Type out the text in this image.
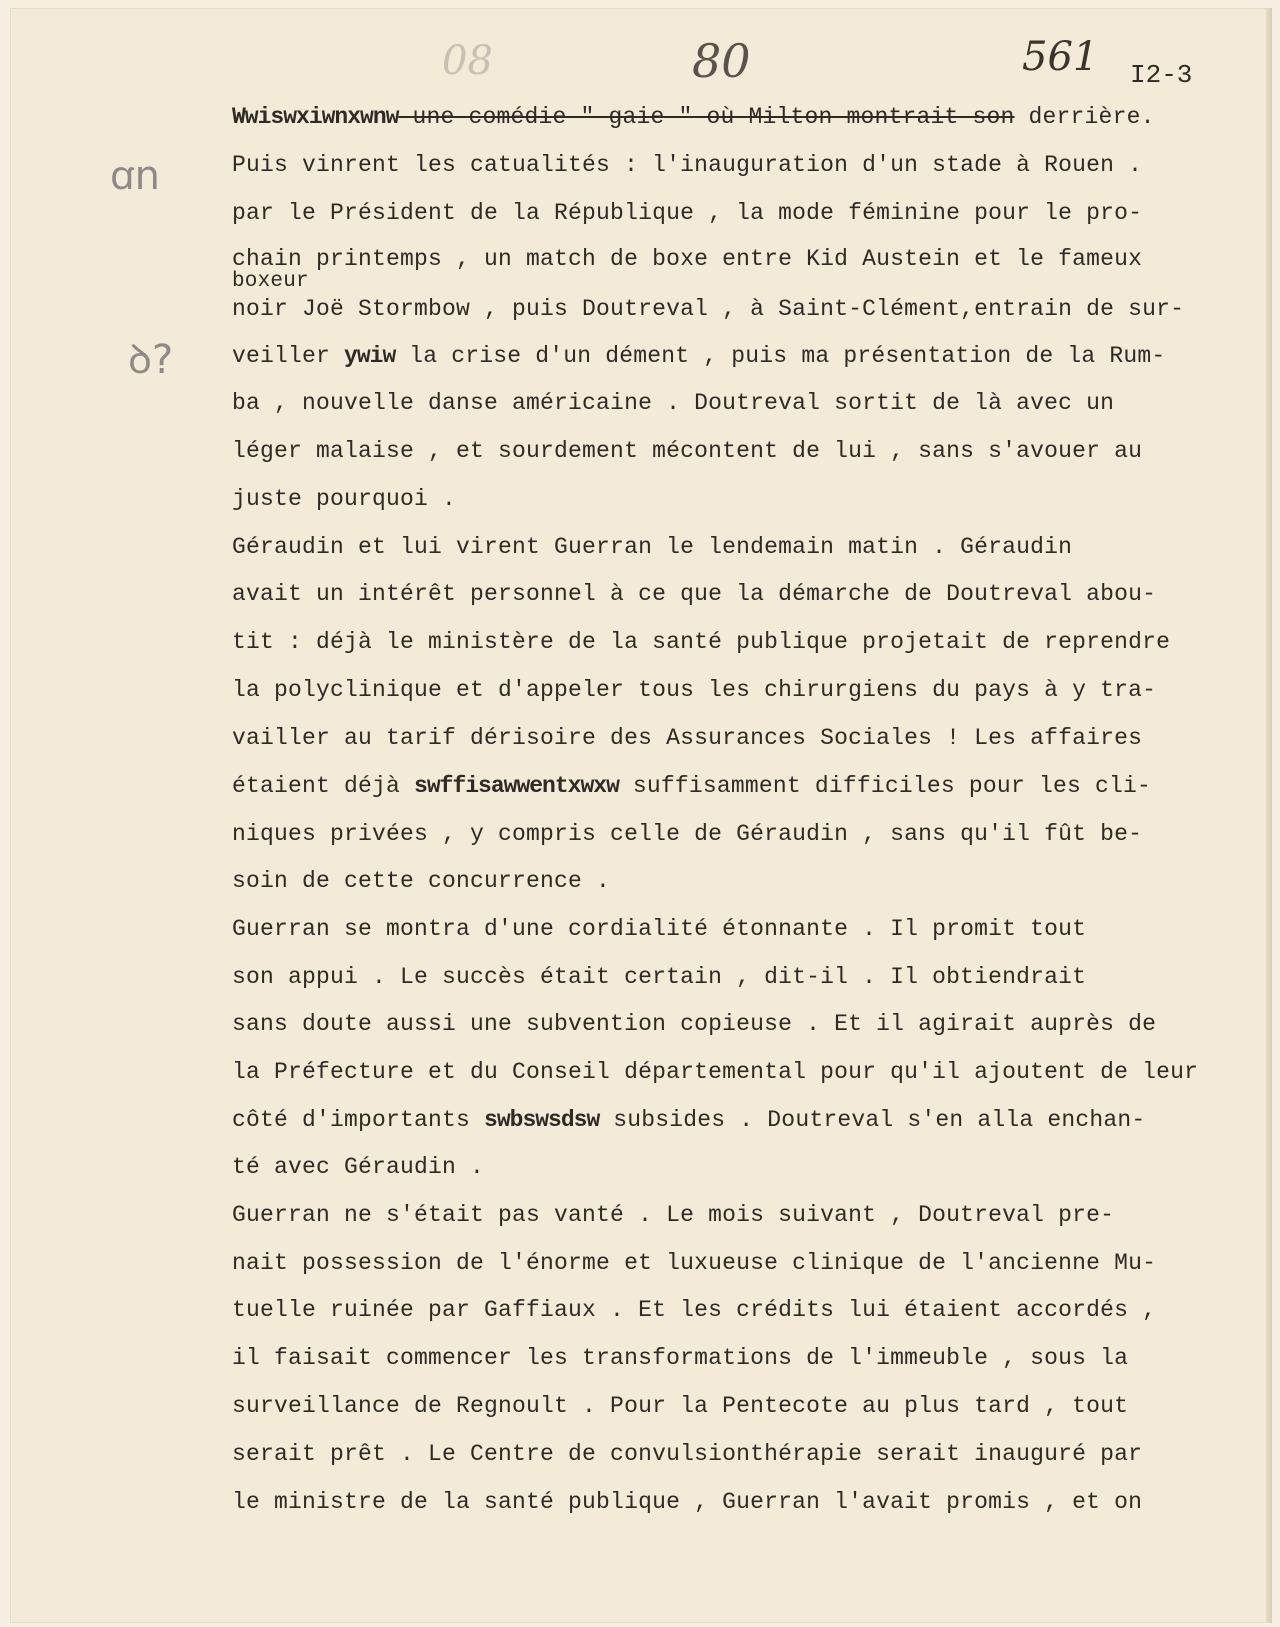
08	80	561 I2-3
ꭤn
ꝺ?
Wwiswxiwnxwnw une comédie " gaie " où Milton montrait son derrière.
Puis vinrent les catualités : l'inauguration d'un stade à Rouen .
par le Président de la République , la mode féminine pour le pro-
chain printemps , un match de boxe entre Kid Austein et le fameux
boxeur
noir Joë Stormbow , puis Doutreval , à Saint-Clément,entrain de sur-
veiller ywiw la crise d'un dément , puis ma présentation de la Rum-
ba , nouvelle danse américaine . Doutreval sortit de là avec un
léger malaise , et sourdement mécontent de lui , sans s'avouer au
juste pourquoi .
Géraudin et lui virent Guerran le lendemain matin . Géraudin
avait un intérêt personnel à ce que la démarche de Doutreval abou-
tit : déjà le ministère de la santé publique projetait de reprendre
la polyclinique et d'appeler tous les chirurgiens du pays à y tra-
vailler au tarif dérisoire des Assurances Sociales ! Les affaires
étaient déjà swffisawwentxwxw suffisamment difficiles pour les cli-
niques privées , y compris celle de Géraudin , sans qu'il fût be-
soin de cette concurrence .
Guerran se montra d'une cordialité étonnante . Il promit tout
son appui . Le succès était certain , dit-il . Il obtiendrait
sans doute aussi une subvention copieuse . Et il agirait auprès de
la Préfecture et du Conseil départemental pour qu'il ajoutent de leur
côté d'importants swbswsdsw subsides . Doutreval s'en alla enchan-
té avec Géraudin .
Guerran ne s'était pas vanté . Le mois suivant , Doutreval pre-
nait possession de l'énorme et luxueuse clinique de l'ancienne Mu-
tuelle ruinée par Gaffiaux . Et les crédits lui étaient accordés ,
il faisait commencer les transformations de l'immeuble , sous la
surveillance de Regnoult . Pour la Pentecote au plus tard , tout
serait prêt . Le Centre de convulsionthérapie serait inauguré par
le ministre de la santé publique , Guerran l'avait promis , et on
